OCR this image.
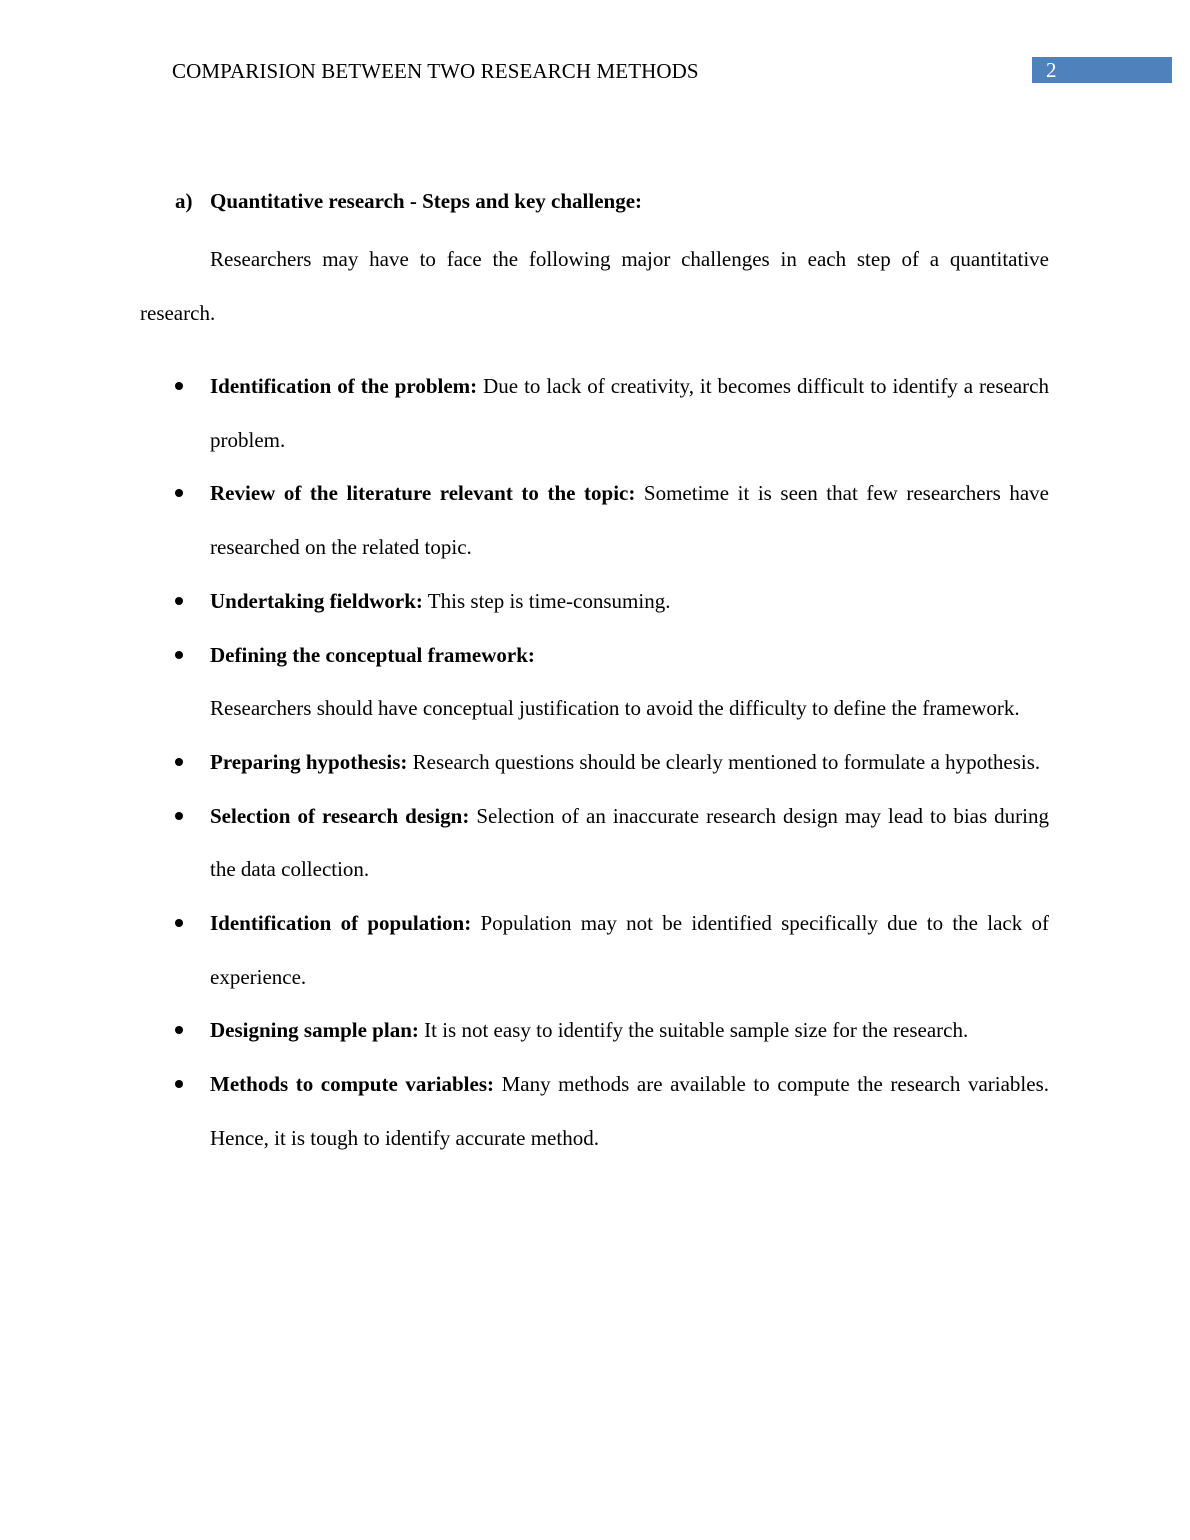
COMPARISION BETWEEN TWO RESEARCH METHODS	2
a) Quantitative research - Steps and key challenge:

Researchers may have to face the following major challenges in each step of a quantitative research.

Identification of the problem: Due to lack of creativity, it becomes difficult to identify a research problem.

Review of the literature relevant to the topic: Sometime it is seen that few researchers have researched on the related topic.

Undertaking fieldwork: This step is time-consuming.

Defining the conceptual framework:

Researchers should have conceptual justification to avoid the difficulty to define the framework.

Preparing hypothesis: Research questions should be clearly mentioned to formulate a hypothesis.

Selection of research design: Selection of an inaccurate research design may lead to bias during the data collection.

Identification of population: Population may not be identified specifically due to the lack of experience.

Designing sample plan: It is not easy to identify the suitable sample size for the research.

Methods to compute variables: Many methods are available to compute the research variables. Hence, it is tough to identify accurate method.
